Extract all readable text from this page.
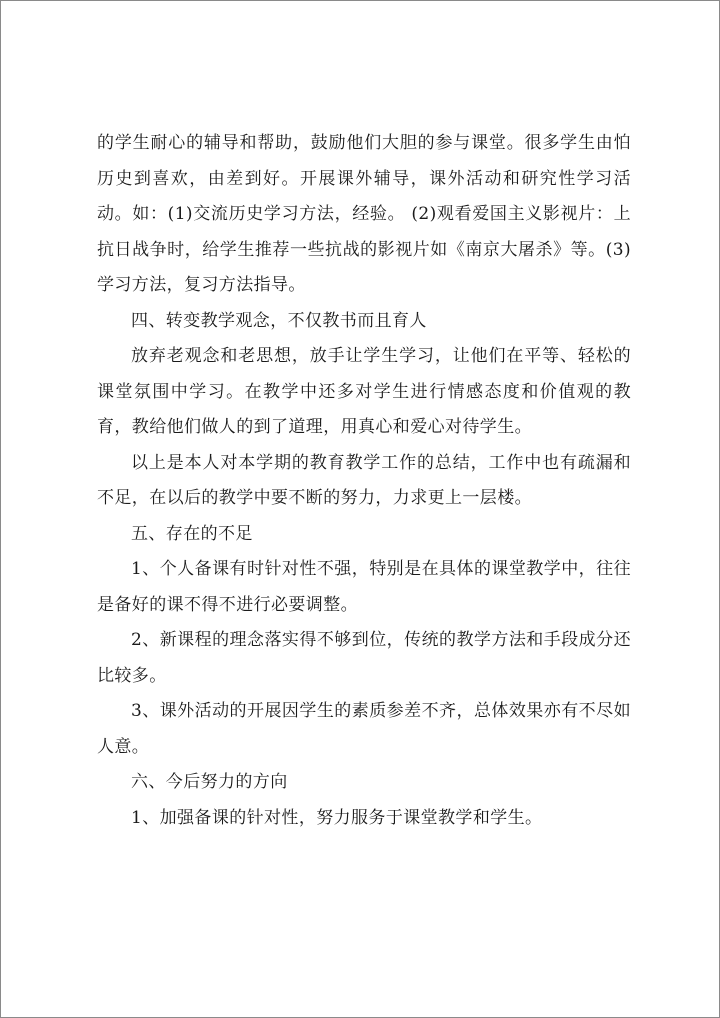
的学生耐心的辅导和帮助，鼓励他们大胆的参与课堂。很多学生由怕历史到喜欢，由差到好。开展课外辅导，课外活动和研究性学习活动。如：(1)交流历史学习方法，经验。 (2)观看爱国主义影视片：上抗日战争时，给学生推荐一些抗战的影视片如《南京大屠杀》等。(3)学习方法，复习方法指导。

四、转变教学观念，不仅教书而且育人

放弃老观念和老思想，放手让学生学习，让他们在平等、轻松的课堂氛围中学习。在教学中还多对学生进行情感态度和价值观的教育，教给他们做人的到了道理，用真心和爱心对待学生。

以上是本人对本学期的教育教学工作的总结，工作中也有疏漏和不足，在以后的教学中要不断的努力，力求更上一层楼。

五、存在的不足

1、个人备课有时针对性不强，特别是在具体的课堂教学中，往往是备好的课不得不进行必要调整。

2、新课程的理念落实得不够到位，传统的教学方法和手段成分还比较多。

3、课外活动的开展因学生的素质参差不齐，总体效果亦有不尽如人意。

六、今后努力的方向

1、加强备课的针对性，努力服务于课堂教学和学生。
